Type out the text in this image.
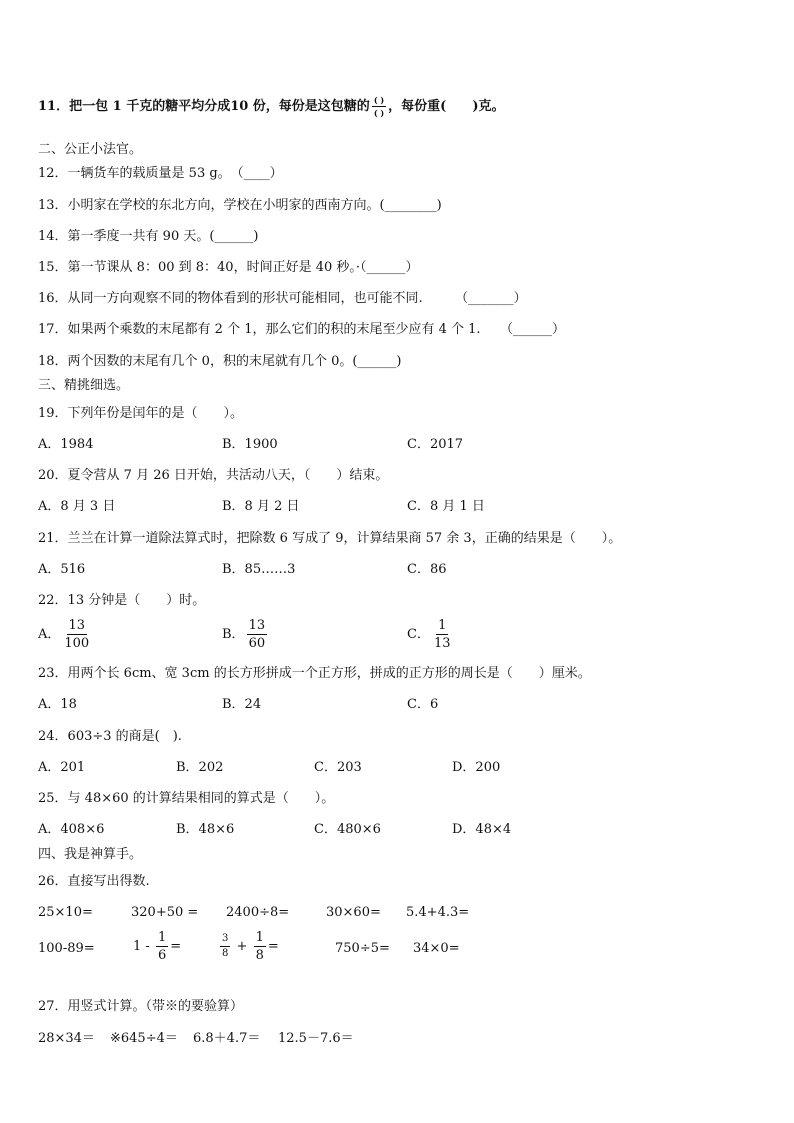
11．把一包 1 千克的糖平均分成10 份，每份是这包糖的 $\frac{( )}{( )}$ ，每份重(　　)克。
二、公正小法官。
12．一辆货车的载质量是 53 g。　（____）
13．小明家在学校的东北方向，学校在小明家的西南方向。(________)
14．第一季度一共有 90 天。(______)
15．第一节课从 8：00 到 8：40，时间正好是 40 秒。·（______）
16．从同一方向观察不同的物体看到的形状可能相同，也可能不同.　　　（_______）
17．如果两个乘数的末尾都有 2 个 1，那么它们的积的末尾至少应有 4 个 1.　　（______）
18．两个因数的末尾有几个 0，积的末尾就有几个 0。(______)
三、精挑细选。
19．下列年份是闰年的是（　　）。
A．1984	B．1900	C．2017
20．夏令营从 7 月 26 日开始，共活动八天，（　　）结束。
A．8 月 3 日	B．8 月 2 日	C．8 月 1 日
21．兰兰在计算一道除法算式时，把除数 6 写成了 9，计算结果商 57 余 3，正确的结果是（　　）。
A．516	B．85……3	C．86
22．13 分钟是（　　）时。
A． $\frac{13}{100}$	B． $\frac{13}{60}$	C． $\frac{1}{13}$
23．用两个长 6cm、宽 3cm 的长方形拼成一个正方形，拼成的正方形的周长是（　　）厘米。
A．18	B．24	C．6
24．603÷3 的商是(　).
A．201	B．202	C．203	D．200
25．与 48×60 的计算结果相同的算式是（　　）。
A．408×6	B．48×6	C．480×6	D．48×4
四、我是神算手。
26．直接写出得数.
25×10=	320+50 = 2400÷8=	30×60= 5.4+4.3=
100-89=	$1 - \frac{1}{6}$ =	$\frac{3}{8} + \frac{1}{8}$ =	750÷5= 34×0=
27．用竖式计算。（带※的要验算）
28×34＝ ※645÷4＝ 6.8＋4.7＝ 12.5－7.6＝
